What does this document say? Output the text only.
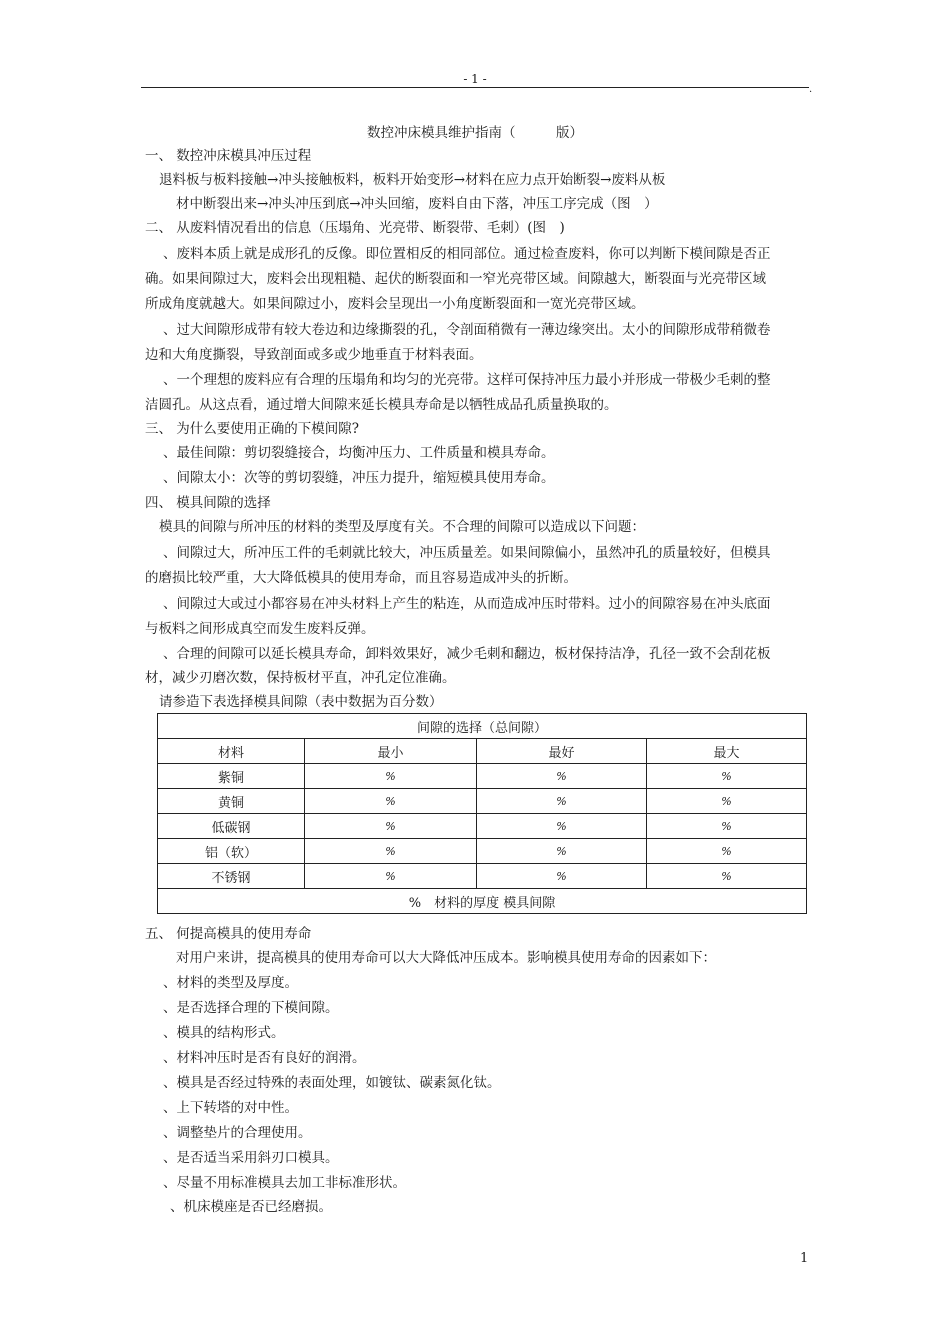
- 1 -
.
数控冲床模具维护指南（　　　版）
一、 数控冲床模具冲压过程
退料板与板料接触→冲头接触板料，板料开始变形→材料在应力点开始断裂→废料从板
材中断裂出来→冲头冲压到底→冲头回缩，废料自由下落，冲压工序完成（图　）
二、 从废料情况看出的信息（压塌角、光亮带、断裂带、毛刺）(图　)
、废料本质上就是成形孔的反像。即位置相反的相同部位。通过检查废料，你可以判断下模间隙是否正
确。如果间隙过大，废料会出现粗糙、起伏的断裂面和一窄光亮带区域。间隙越大，断裂面与光亮带区域
所成角度就越大。如果间隙过小，废料会呈现出一小角度断裂面和一宽光亮带区域。
、过大间隙形成带有较大卷边和边缘撕裂的孔，令剖面稍微有一薄边缘突出。太小的间隙形成带稍微卷
边和大角度撕裂，导致剖面或多或少地垂直于材料表面。
、一个理想的废料应有合理的压塌角和均匀的光亮带。这样可保持冲压力最小并形成一带极少毛刺的整
洁圆孔。从这点看，通过增大间隙来延长模具寿命是以牺牲成品孔质量换取的。
三、 为什么要使用正确的下模间隙?
、最佳间隙：剪切裂缝接合，均衡冲压力、工件质量和模具寿命。
、间隙太小：次等的剪切裂缝，冲压力提升，缩短模具使用寿命。
四、 模具间隙的选择
模具的间隙与所冲压的材料的类型及厚度有关。不合理的间隙可以造成以下问题：
、间隙过大，所冲压工件的毛刺就比较大，冲压质量差。如果间隙偏小，虽然冲孔的质量较好，但模具
的磨损比较严重，大大降低模具的使用寿命，而且容易造成冲头的折断。
、间隙过大或过小都容易在冲头材料上产生的粘连，从而造成冲压时带料。过小的间隙容易在冲头底面
与板料之间形成真空而发生废料反弹。
、合理的间隙可以延长模具寿命，卸料效果好，减少毛刺和翻边，板材保持洁净，孔径一致不会刮花板
材，减少刃磨次数，保持板材平直，冲孔定位准确。
请参造下表选择模具间隙（表中数据为百分数）
间隙的选择（总间隙）			
材料	最小	最好	最大
紫铜	%	%	%
黄铜	%	%	%
低碳钢	%	%	%
铝（软）	%	%	%
不锈钢	%	%	%
%　材料的厚度 模具间隙			
五、 何提高模具的使用寿命
对用户来讲，提高模具的使用寿命可以大大降低冲压成本。影响模具使用寿命的因素如下：
、材料的类型及厚度。
、是否选择合理的下模间隙。
、模具的结构形式。
、材料冲压时是否有良好的润滑。
、模具是否经过特殊的表面处理，如镀钛、碳素氮化钛。
、上下转塔的对中性。
、调整垫片的合理使用。
、是否适当采用斜刃口模具。
、尽量不用标准模具去加工非标准形状。
、机床模座是否已经磨损。
1
